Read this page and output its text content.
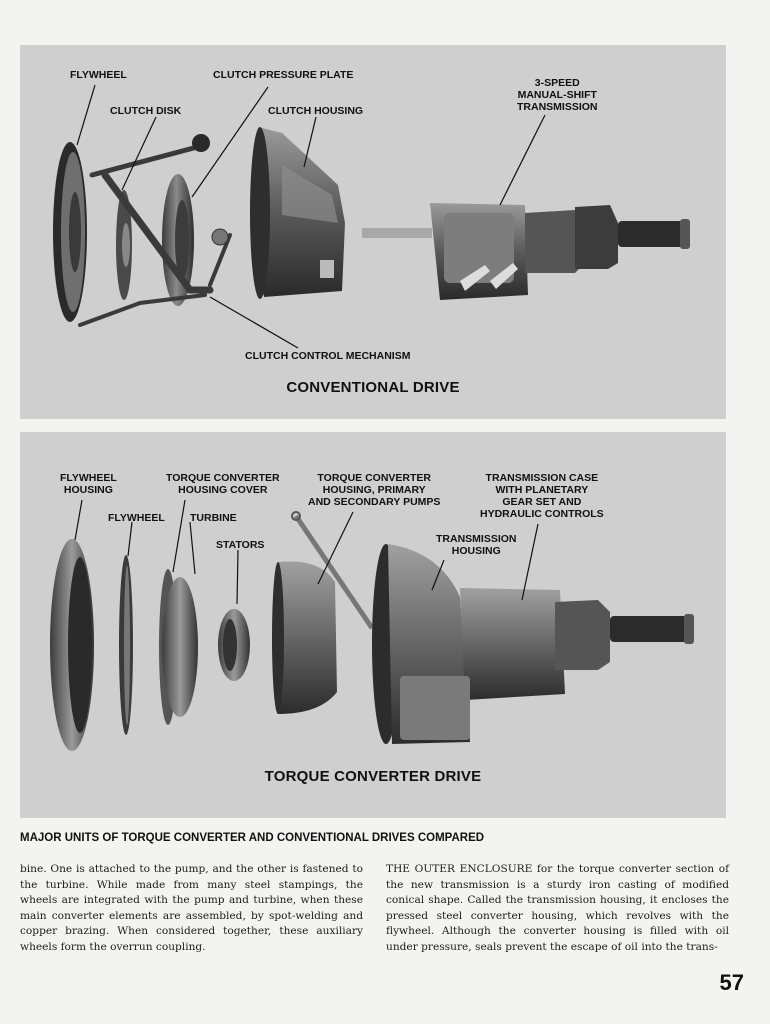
FLYWHEEL	CLUTCH PRESSURE PLATE
CLUTCH DISK	CLUTCH HOUSING
3-SPEED
MANUAL-SHIFT
TRANSMISSION
CLUTCH CONTROL MECHANISM
CONVENTIONAL DRIVE
FLYWHEEL
HOUSING
TORQUE CONVERTER
HOUSING COVER
TORQUE CONVERTER
HOUSING, PRIMARY
AND SECONDARY PUMPS
TRANSMISSION CASE
WITH PLANETARY
GEAR SET AND
HYDRAULIC CONTROLS
FLYWHEEL TURBINE
STATORS	TRANSMISSION
HOUSING
TORQUE CONVERTER DRIVE
MAJOR UNITS OF TORQUE CONVERTER AND CONVENTIONAL DRIVES COMPARED
bine. One is attached to the pump, and the other is fastened to the turbine. While made from many steel stampings, the wheels are integrated with the pump and turbine, when these main converter elements are assembled, by spot-welding and copper brazing. When considered together, these auxiliary wheels form the overrun coupling.
THE OUTER ENCLOSURE for the torque converter section of the new transmission is a sturdy iron casting of modified conical shape. Called the transmission housing, it encloses the pressed steel converter housing, which revolves with the flywheel. Although the converter housing is filled with oil under pressure, seals prevent the escape of oil into the trans-
57
